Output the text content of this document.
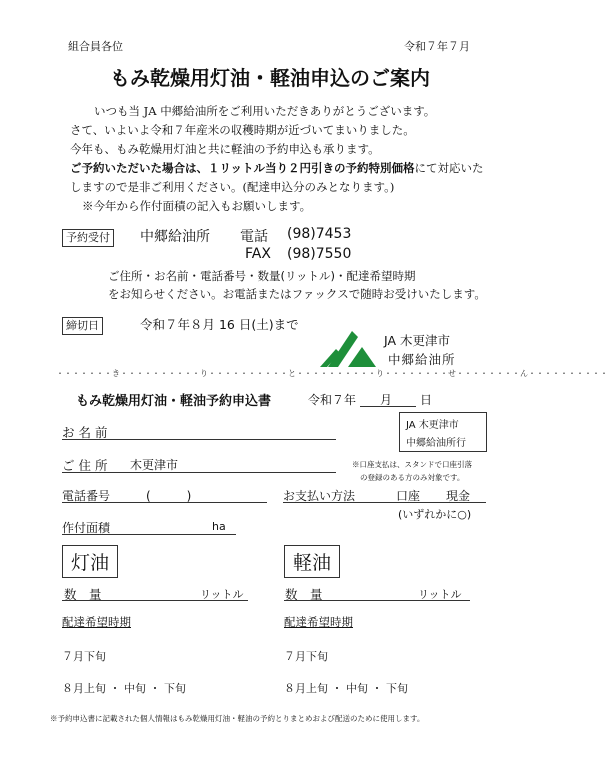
組合員各位	令和７年７月
もみ乾燥用灯油・軽油申込のご案内
いつも当 JA 中郷給油所をご利用いただきありがとうございます。
さて、いよいよ令和７年産米の収穫時期が近づいてまいりました。
今年も、もみ乾燥用灯油と共に軽油の予約申込も承ります。
ご予約いただいた場合は、１リットル当り２円引きの予約特別価格にて対応いた
しますので是非ご利用ください。(配達申込分のみとなります。)
※今年から作付面積の記入もお願いします。
予約受付 中郷給油所 電話 (98)7453
FAX (98)7550
ご住所・お名前・電話番号・数量(リットル)・配達希望時期
をお知らせください。お電話またはファックスで随時お受けいたします。
締切日	令和７年８月 16 日(土)まで
JA 木更津市
中郷給油所
・・・・・・・き・・・・・・・・・・り・・・・・・・・・・と・・・・・・・・・・り・・・・・・・・せ・・・・・・・・ん・・・・・・・・・・
もみ乾燥用灯油・軽油予約申込書	令和７年 月 日
JA 木更津市
中郷給油所行
お 名 前
ご 住 所 木更津市	※口座支払は、スタンドで口座引落
の登録のある方のみ対象です。
電話番号	(　　　)	お支払い方法	口座 現金
(いずれかに○)
作付面積	ha
灯油
数　量	リットル
配達希望時期
７月下旬
８月上旬 ・ 中旬 ・ 下旬
軽油
数　量	リットル
配達希望時期
７月下旬
８月上旬 ・ 中旬 ・ 下旬
※予約申込書に記載された個人情報はもみ乾燥用灯油・軽油の予約とりまとめおよび配送のために使用します。
